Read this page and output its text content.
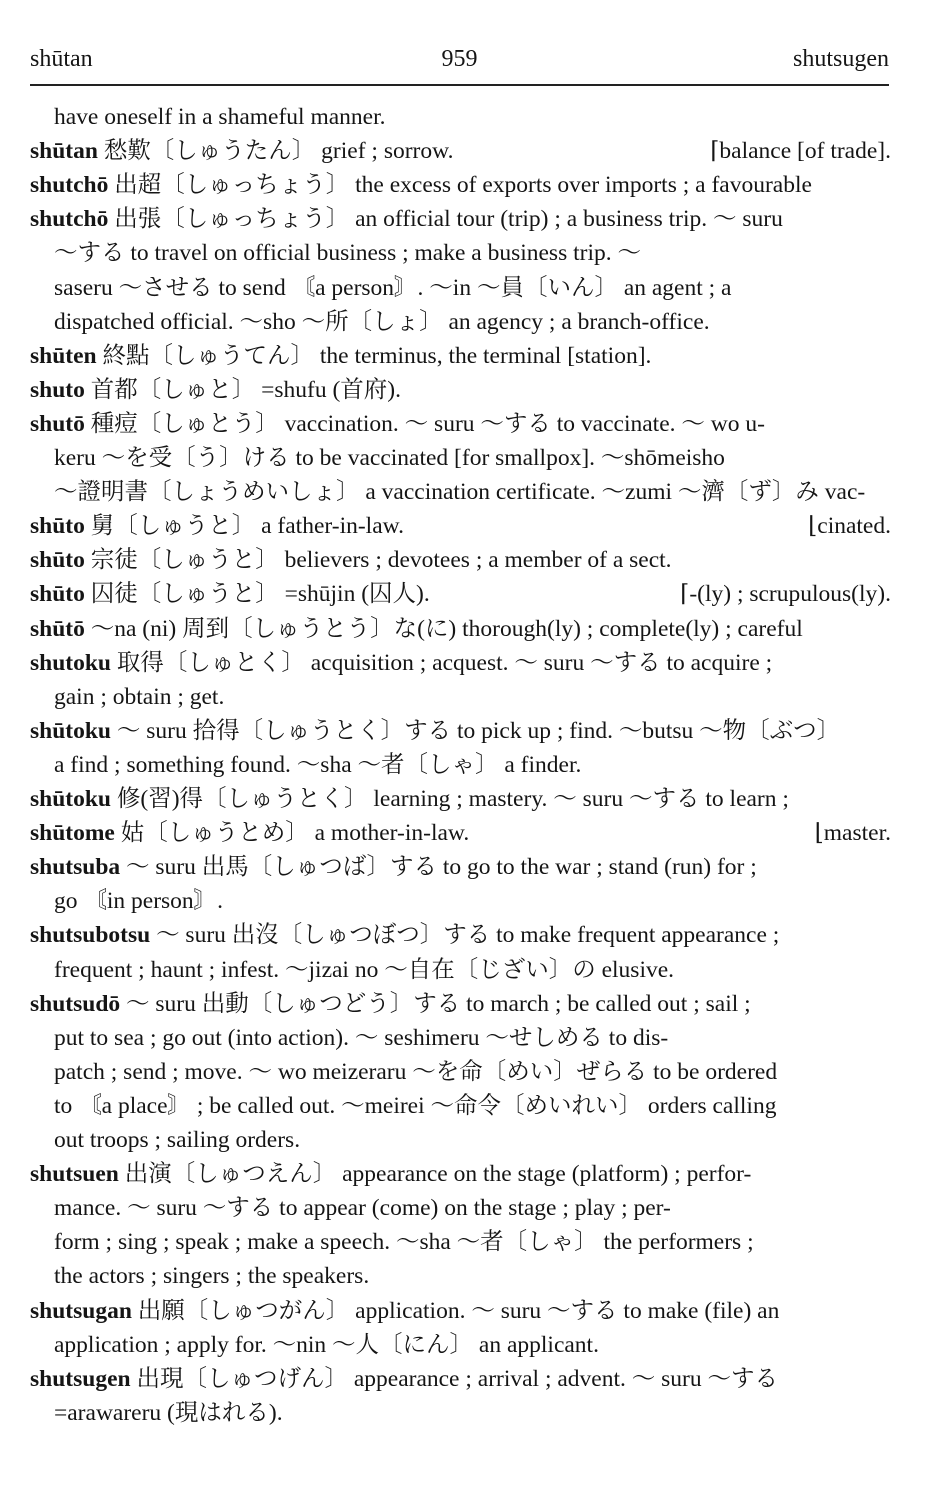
shūtan	959	shutsugen
have oneself in a shameful manner.
shūtan 愁歎〔しゅうたん〕 grief ; sorrow.	⌈balance [of trade].
shutchō 出超〔しゅっちょう〕 the excess of exports over imports ; a favourable
shutchō 出張〔しゅっちょう〕 an official tour (trip) ; a business trip. ～ suru
～する to travel on official business ; make a business trip. ～
saseru ～させる to send 〘a person〙. ～in ～員〔いん〕 an agent ; a
dispatched official. ～sho ～所〔しょ〕 an agency ; a branch-office.
shūten 終點〔しゅうてん〕 the terminus, the terminal [station].
shuto 首都〔しゅと〕 =shufu (首府).
shutō 種痘〔しゅとう〕 vaccination. ～ suru ～する to vaccinate. ～ wo u-
keru ～を受〔う〕ける to be vaccinated [for smallpox]. ～shōmeisho
～證明書〔しょうめいしょ〕 a vaccination certificate. ～zumi ～濟〔ず〕み vac-
shūto 舅〔しゅうと〕 a father-in-law.	⌊cinated.
shūto 宗徒〔しゅうと〕 believers ; devotees ; a member of a sect.
shūto 囚徒〔しゅうと〕 =shūjin (囚人).	⌈-(ly) ; scrupulous(ly).
shūtō ～na (ni) 周到〔しゅうとう〕な(に) thorough(ly) ; complete(ly) ; careful
shutoku 取得〔しゅとく〕 acquisition ; acquest. ～ suru ～する to acquire ;
gain ; obtain ; get.
shūtoku ～ suru 拾得〔しゅうとく〕する to pick up ; find. ～butsu ～物〔ぶつ〕
a find ; something found. ～sha ～者〔しゃ〕 a finder.
shūtoku 修(習)得〔しゅうとく〕 learning ; mastery. ～ suru ～する to learn ;
shūtome 姑〔しゅうとめ〕 a mother-in-law.	⌊master.
shutsuba ～ suru 出馬〔しゅつば〕する to go to the war ; stand (run) for ;
go 〘in person〙.
shutsubotsu ～ suru 出沒〔しゅつぼつ〕する to make frequent appearance ;
frequent ; haunt ; infest. ～jizai no ～自在〔じざい〕の elusive.
shutsudō ～ suru 出動〔しゅつどう〕する to march ; be called out ; sail ;
put to sea ; go out (into action). ～ seshimeru ～せしめる to dis-
patch ; send ; move. ～ wo meizeraru ～を命〔めい〕ぜらる to be ordered
to 〘a place〙 ; be called out. ～meirei ～命令〔めいれい〕 orders calling
out troops ; sailing orders.
shutsuen 出演〔しゅつえん〕 appearance on the stage (platform) ; perfor-
mance. ～ suru ～する to appear (come) on the stage ; play ; per-
form ; sing ; speak ; make a speech. ～sha ～者〔しゃ〕 the performers ;
the actors ; singers ; the speakers.
shutsugan 出願〔しゅつがん〕 application. ～ suru ～する to make (file) an
application ; apply for. ～nin ～人〔にん〕 an applicant.
shutsugen 出現〔しゅつげん〕 appearance ; arrival ; advent. ～ suru ～する
=arawareru (現はれる).
